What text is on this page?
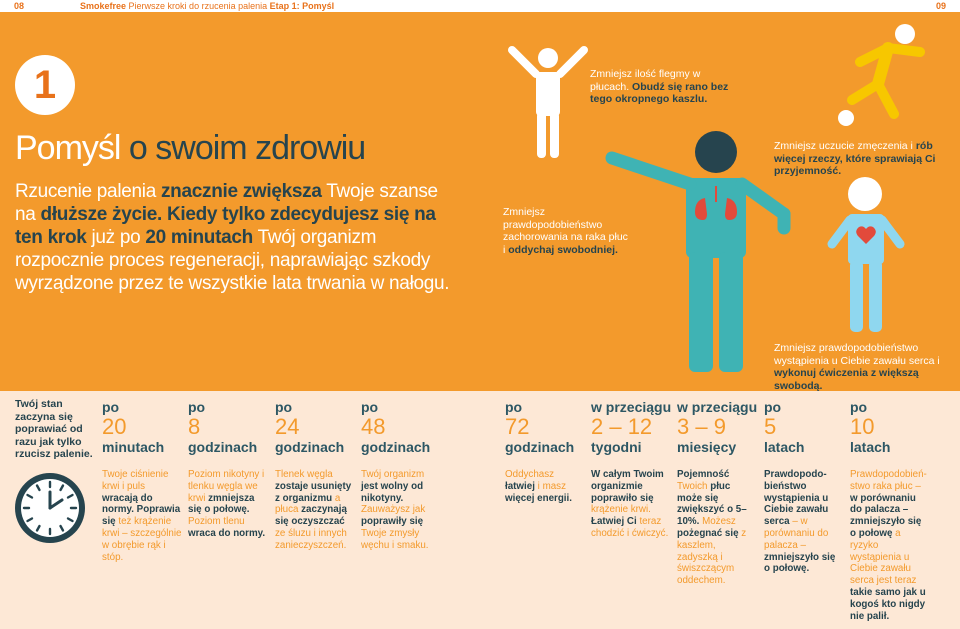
08	Smokefree Pierwsze kroki do rzucenia palenia Etap 1: Pomyśl	09
1
Pomyśl o swoim zdrowiu
Rzucenie palenia znacznie zwiększa Twoje szanse na dłuższe życie. Kiedy tylko zdecydujesz się na ten krok już po 20 minutach Twój organizm rozpocznie proces regeneracji, naprawiając szkody wyrządzone przez te wszystkie lata trwania w nałogu.
Zmniejsz ilość flegmy w płucach. Obudź się rano bez tego okropnego kaszlu.
Zmniejsz uczucie zmęczenia i rób więcej rzeczy, które sprawiają Ci przyjemność.
Zmniejsz prawdopodobieństwo zachorowania na raka płuc i oddychaj swobodniej.
Zmniejsz prawdopodobieństwo wystąpienia u Ciebie zawału serca i wykonuj ćwiczenia z większą swobodą.
Twój stan zaczyna się poprawiać od razu jak tylko rzucisz palenie.
po
20
minutach
po
8
godzinach
po
24
godzinach
po
48
godzinach
po
72
godzinach
w przeciągu
2 – 12
tygodni
w przeciągu
3 – 9
miesięcy
po
5
latach
po
10
latach
Twoje ciśnienie krwi i puls wracają do normy. Poprawia się też krążenie krwi – szczególnie w obrębie rąk i stóp.
Poziom nikotyny i tlenku węgla we krwi zmniejsza się o połowę. Poziom tlenu wraca do normy.
Tlenek węgla zostaje usunięty z organizmu a płuca zaczynają się oczyszczać ze śluzu i innych zanieczyszczeń.
Twój organizm jest wolny od nikotyny. Zauważysz jak poprawiły się Twoje zmysły węchu i smaku.
Oddychasz łatwiej i masz więcej energii.
W całym Twoim organizmie poprawiło się krążenie krwi. Łatwiej Ci teraz chodzić i ćwiczyć.
Pojemność Twoich płuc może się zwiększyć o 5–10%. Możesz pożegnać się z kaszlem, zadyszką i świszczącym oddechem.
Prawdopodo-bieństwo wystąpienia u Ciebie zawału serca – w porównaniu do palacza – zmniejszyło się o połowę.
Prawdopodobień-stwo raka płuc – w porównaniu do palacza – zmniejszyło się o połowę a ryzyko wystąpienia u Ciebie zawału serca jest teraz takie samo jak u kogoś kto nigdy nie palił.
